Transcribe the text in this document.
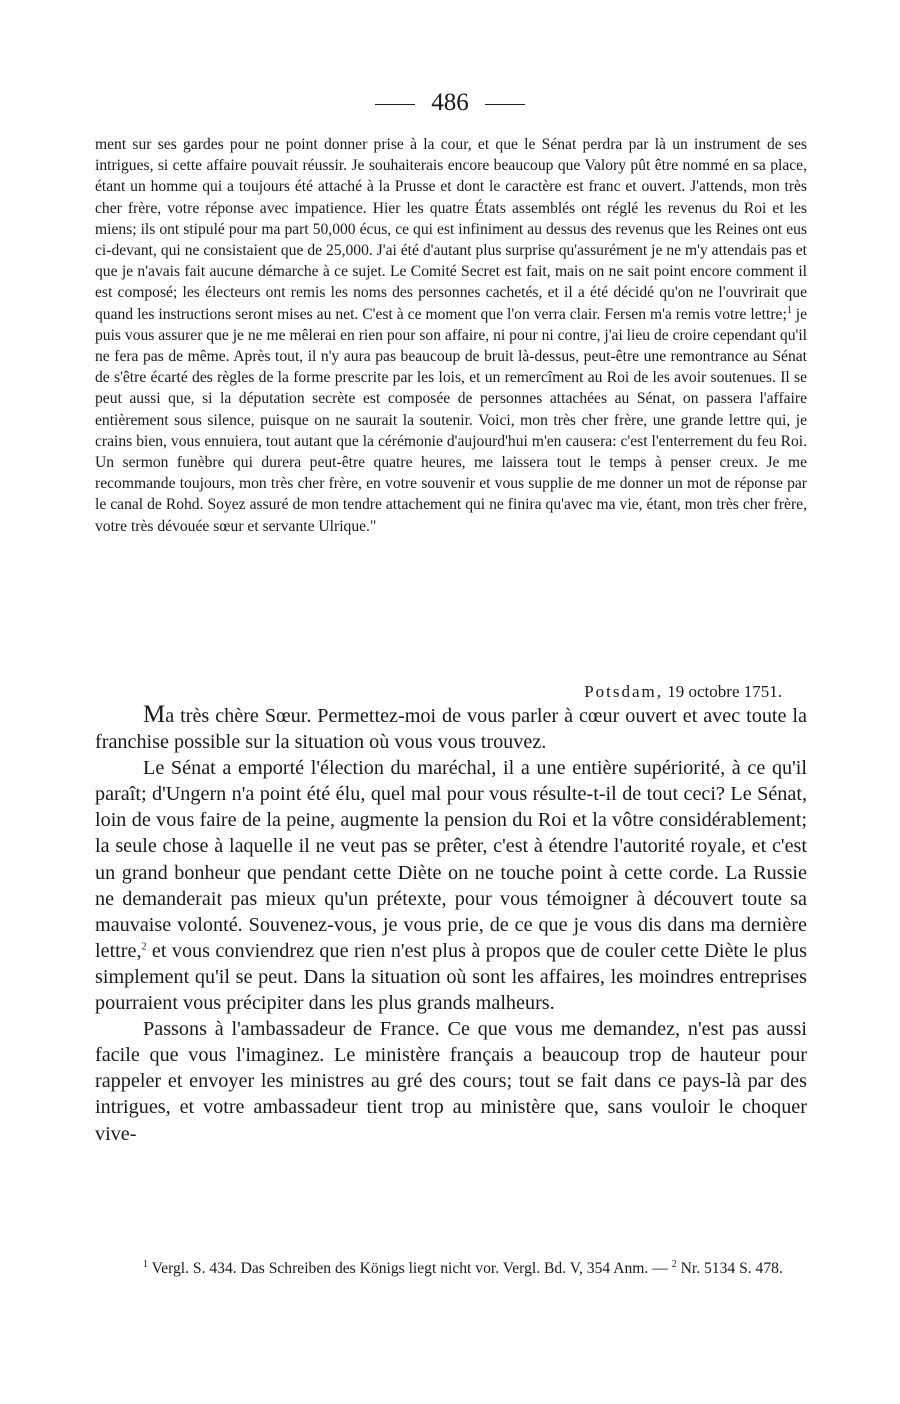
486

ment sur ses gardes pour ne point donner prise à la cour, et que le Sénat perdra par là un instrument de ses intrigues, si cette affaire pouvait réussir. Je souhaiterais encore beaucoup que Valory pût être nommé en sa place, étant un homme qui a toujours été attaché à la Prusse et dont le caractère est franc et ouvert. J'attends, mon très cher frère, votre réponse avec impatience. Hier les quatre États assemblés ont réglé les revenus du Roi et les miens; ils ont stipulé pour ma part 50,000 écus, ce qui est infiniment au dessus des revenus que les Reines ont eus ci-devant, qui ne consistaient que de 25,000. J'ai été d'autant plus surprise qu'assurément je ne m'y attendais pas et que je n'avais fait aucune démarche à ce sujet. Le Comité Secret est fait, mais on ne sait point encore comment il est composé; les électeurs ont remis les noms des personnes cachetés, et il a été décidé qu'on ne l'ouvrirait que quand les instructions seront mises au net. C'est à ce moment que l'on verra clair. Fersen m'a remis votre lettre;$^1$ je puis vous assurer que je ne me mêlerai en rien pour son affaire, ni pour ni contre, j'ai lieu de croire cependant qu'il ne fera pas de même. Après tout, il n'y aura pas beaucoup de bruit là-dessus, peut-être une remontrance au Sénat de s'être écarté des règles de la forme prescrite par les lois, et un remercîment au Roi de les avoir soutenues. Il se peut aussi que, si la députation secrète est composée de personnes attachées au Sénat, on passera l'affaire entièrement sous silence, puisque on ne saurait la soutenir. Voici, mon très cher frère, une grande lettre qui, je crains bien, vous ennuiera, tout autant que la cérémonie d'aujourd'hui m'en causera: c'est l'enterrement du feu Roi. Un sermon funèbre qui durera peut-être quatre heures, me laissera tout le temps à penser creux. Je me recommande toujours, mon très cher frère, en votre souvenir et vous supplie de me donner un mot de réponse par le canal de Rohd. Soyez assuré de mon tendre attachement qui ne finira qu'avec ma vie, étant, mon très cher frère, votre très dévouée sœur et servante Ulrique."

Potsdam, 19 octobre 1751.

Ma très chère Sœur. Permettez-moi de vous parler à cœur ouvert et avec toute la franchise possible sur la situation où vous vous trouvez.

Le Sénat a emporté l'élection du maréchal, il a une entière supériorité, à ce qu'il paraît; d'Ungern n'a point été élu, quel mal pour vous résulte-t-il de tout ceci? Le Sénat, loin de vous faire de la peine, augmente la pension du Roi et la vôtre considérablement; la seule chose à laquelle il ne veut pas se prêter, c'est à étendre l'autorité royale, et c'est un grand bonheur que pendant cette Diète on ne touche point à cette corde. La Russie ne demanderait pas mieux qu'un prétexte, pour vous témoigner à découvert toute sa mauvaise volonté. Souvenez-vous, je vous prie, de ce que je vous dis dans ma dernière lettre,$^2$ et vous conviendrez que rien n'est plus à propos que de couler cette Diète le plus simplement qu'il se peut. Dans la situation où sont les affaires, les moindres entreprises pourraient vous précipiter dans les plus grands malheurs.

Passons à l'ambassadeur de France. Ce que vous me demandez, n'est pas aussi facile que vous l'imaginez. Le ministère français a beaucoup trop de hauteur pour rappeler et envoyer les ministres au gré des cours; tout se fait dans ce pays-là par des intrigues, et votre ambassadeur tient trop au ministère que, sans vouloir le choquer vive-

$^1$ Vergl. S. 434. Das Schreiben des Königs liegt nicht vor. Vergl. Bd. V, 354 Anm. — $^2$ Nr. 5134 S. 478.
